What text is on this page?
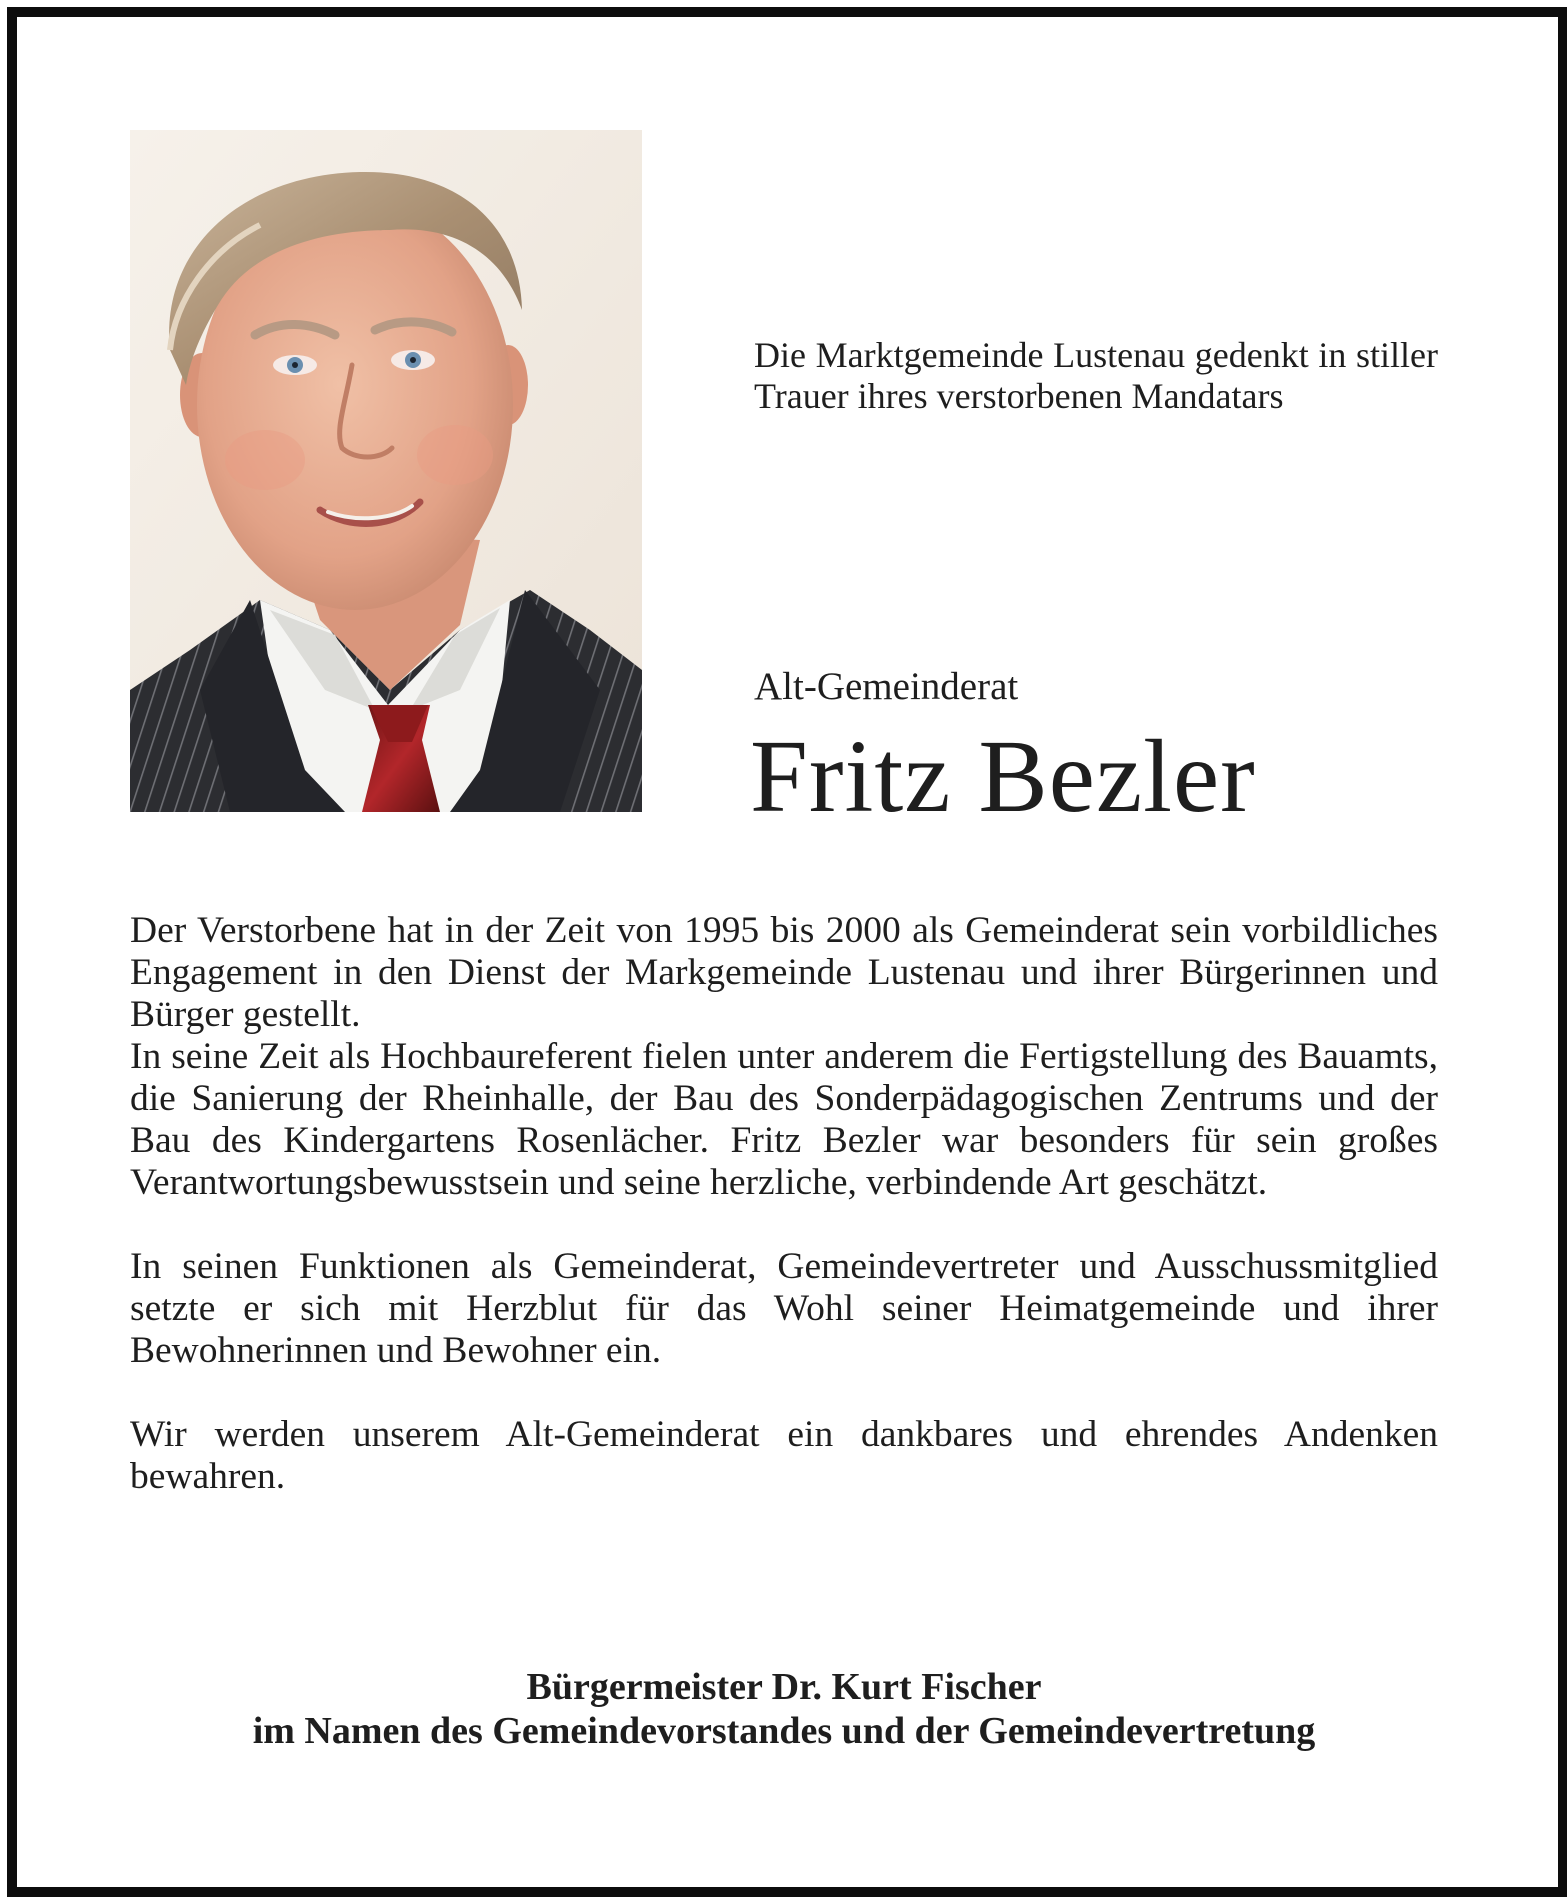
Die Marktgemeinde Lustenau gedenkt in stiller Trauer ihres verstorbenen Mandatars

Alt-Gemeinderat

Fritz Bezler

Der Verstorbene hat in der Zeit von 1995 bis 2000 als Gemeinderat sein vorbildliches Engagement in den Dienst der Markgemeinde Lustenau und ihrer Bürgerinnen und Bürger gestellt.

In seine Zeit als Hochbaureferent fielen unter anderem die Fertigstellung des Bauamts, die Sanierung der Rheinhalle, der Bau des Sonderpädagogischen Zentrums und der Bau des Kindergartens Rosenlächer. Fritz Bezler war besonders für sein großes Verantwortungsbewusstsein und seine herzliche, verbindende Art geschätzt.

In seinen Funktionen als Gemeinderat, Gemeindevertreter und Ausschussmitglied setzte er sich mit Herzblut für das Wohl seiner Heimatgemeinde und ihrer Bewohnerinnen und Bewohner ein.

Wir werden unserem Alt-Gemeinderat ein dankbares und ehrendes Andenken bewahren.

Bürgermeister Dr. Kurt Fischer
im Namen des Gemeindevorstandes und der Gemeindevertretung
